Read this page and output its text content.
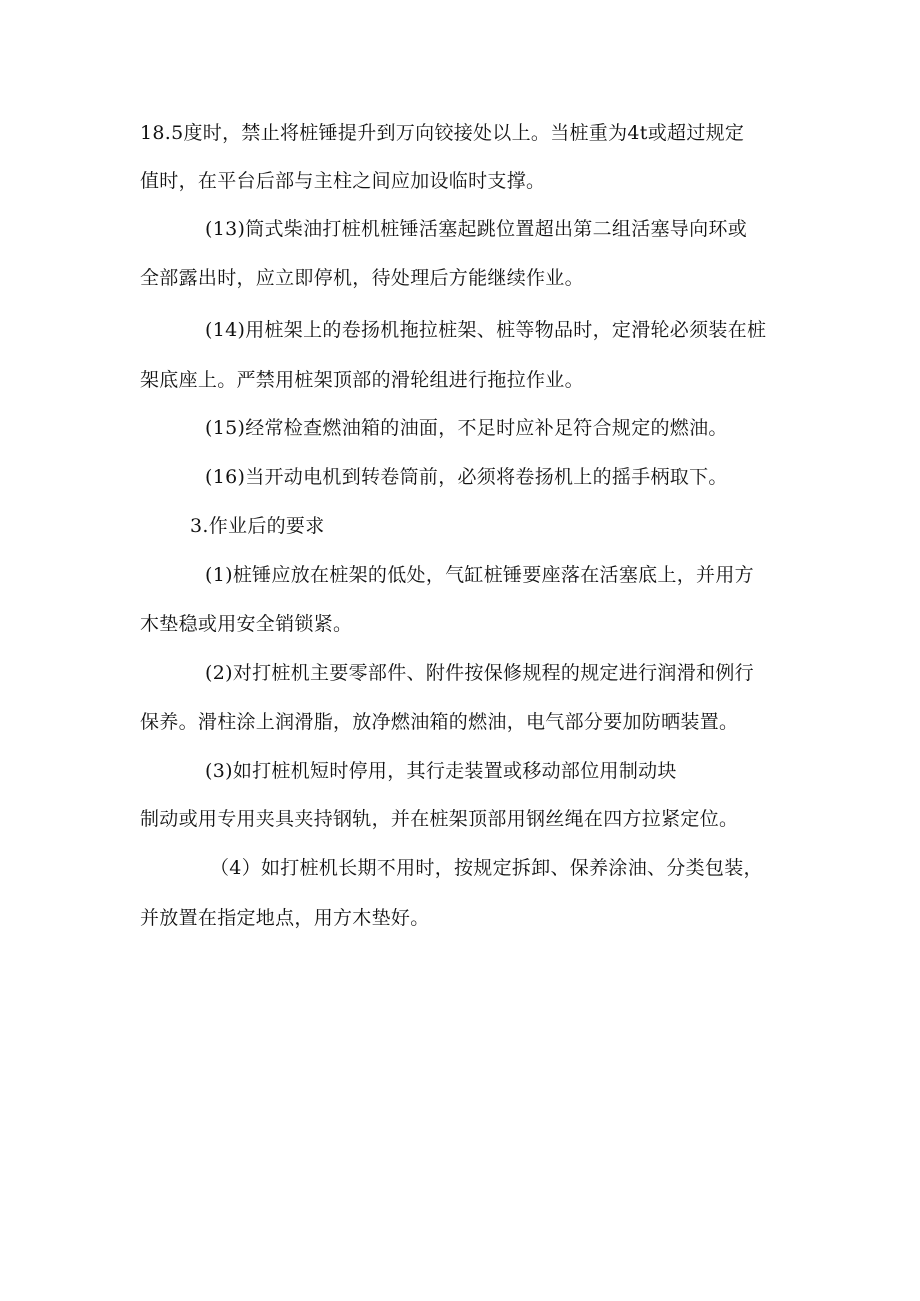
18.5度时，禁止将桩锤提升到万向铰接处以上。当桩重为4t或超过规定
值时，在平台后部与主柱之间应加设临时支撑。
(13)筒式柴油打桩机桩锤活塞起跳位置超出第二组活塞导向环或
全部露出时，应立即停机，待处理后方能继续作业。
(14)用桩架上的卷扬机拖拉桩架、桩等物品时，定滑轮必须装在桩
架底座上。严禁用桩架顶部的滑轮组进行拖拉作业。
(15)经常检查燃油箱的油面，不足时应补足符合规定的燃油。
(16)当开动电机到转卷筒前，必须将卷扬机上的摇手柄取下。
3.作业后的要求
(1)桩锤应放在桩架的低处，气缸桩锤要座落在活塞底上，并用方
木垫稳或用安全销锁紧。
(2)对打桩机主要零部件、附件按保修规程的规定进行润滑和例行
保养。滑柱涂上润滑脂，放净燃油箱的燃油，电气部分要加防晒装置。
(3)如打桩机短时停用，其行走装置或移动部位用制动块
制动或用专用夹具夹持钢轨，并在桩架顶部用钢丝绳在四方拉紧定位。
（4）如打桩机长期不用时，按规定拆卸、保养涂油、分类包装，
并放置在指定地点，用方木垫好。
